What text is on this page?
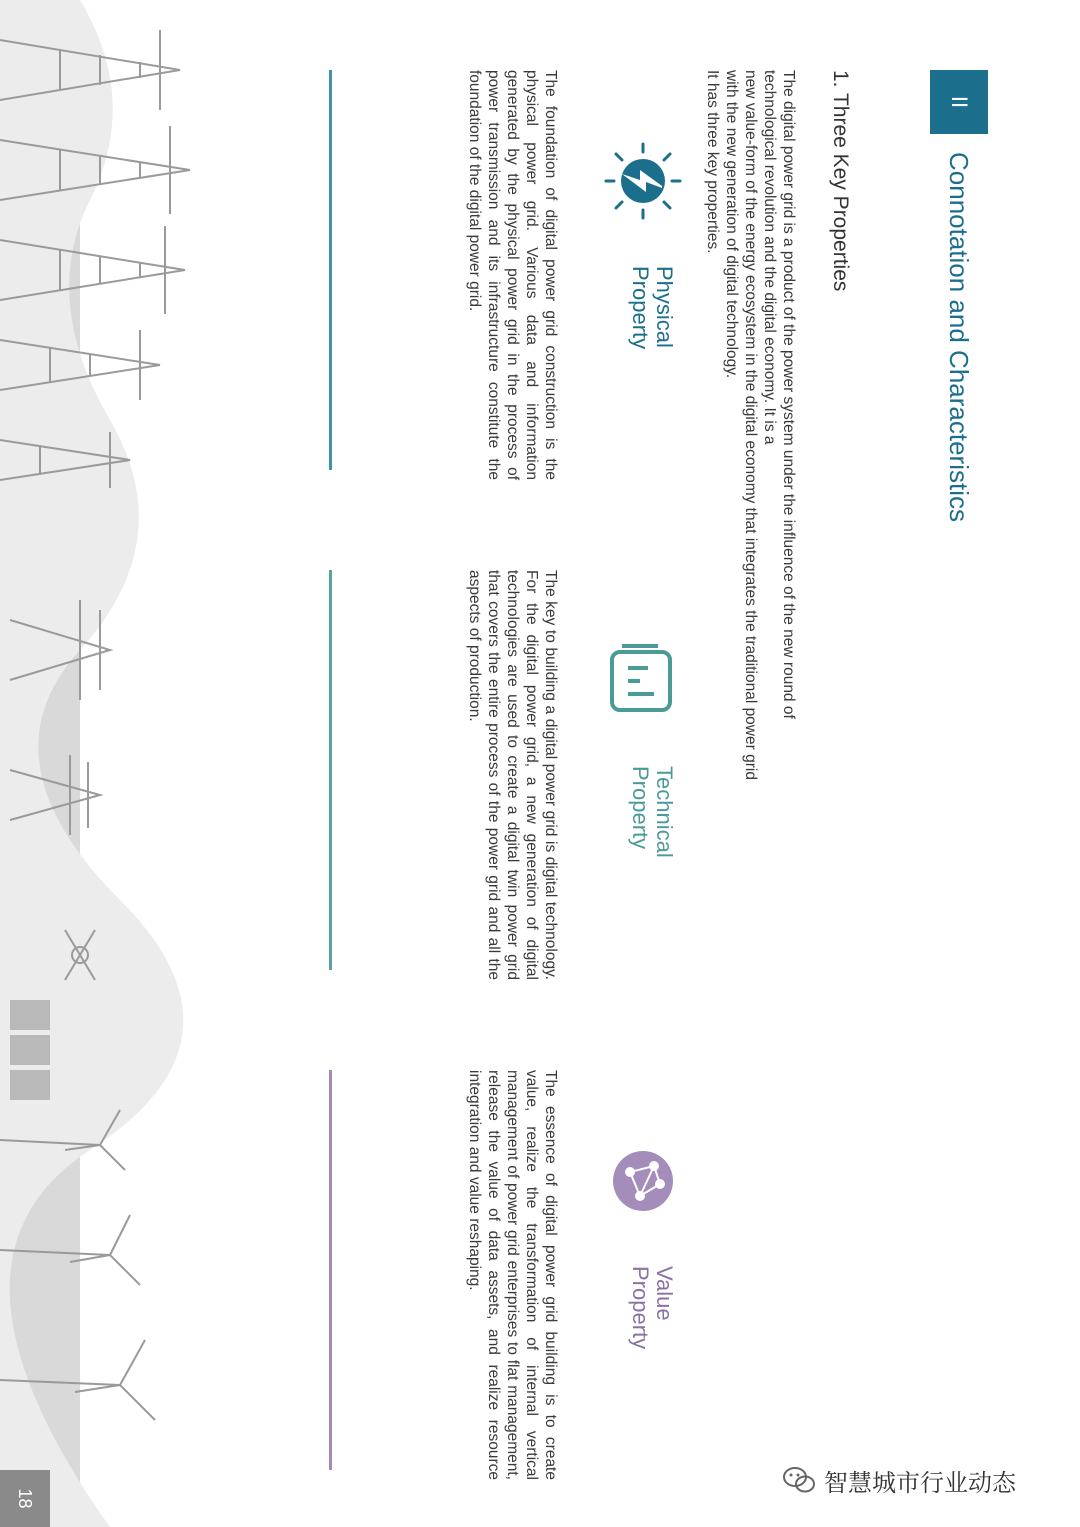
II
Connotation and Characteristics
1. Three Key Properties

The digital power grid is a product of the power system under the influence of the new round of technological revolution and the digital economy. It is a

new value-form of the energy ecosystem in the digital economy that integrates the traditional power grid with the new generation of digital technology.

It has three key properties.

Physical
Property
The foundation of digital power grid construction is the physical power grid. Various data and information generated by the physical power grid in the process of power transmission and its infrastructure constitute the foundation of the digital power grid.
Technical
Property
The key to building a digital power grid is digital technology. For the digital power grid, a new generation of digital technologies are used to create a digital twin power grid that covers the entire process of the power grid and all the aspects of production.
Value
Property
The essence of digital power grid building is to create value, realize the transformation of internal vertical management of power grid enterprises to flat management, release the value of data assets, and realize resource integration and value reshaping.
18
智慧城市行业动态
